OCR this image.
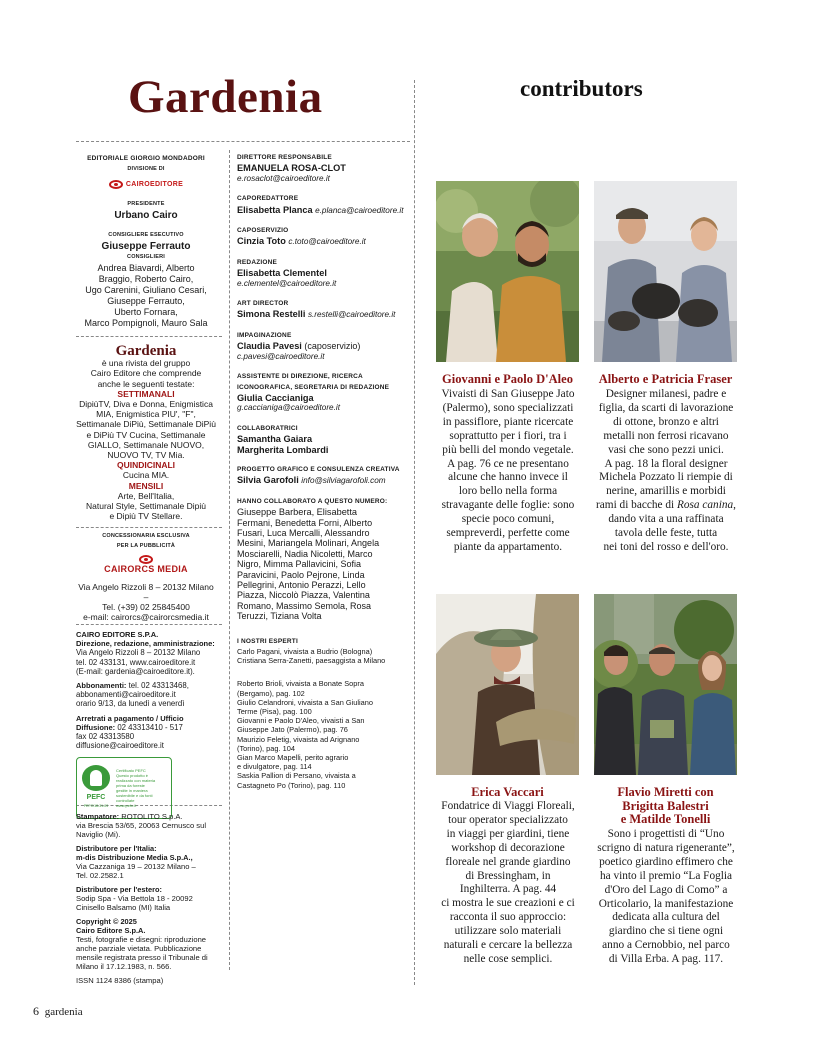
Gardenia	contributors
EDITORIALE GIORGIO MONDADORI
DIVISIONE DI
CAIROEDITORE
PRESIDENTE
Urbano Cairo
CONSIGLIERE ESECUTIVO
Giuseppe Ferrauto
CONSIGLIERI
Andrea Biavardi, Alberto
Braggio, Roberto Cairo,
Ugo Carenini, Giuliano Cesari,
Giuseppe Ferrauto,
Uberto Fornara,
Marco Pompignoli, Mauro Sala
Gardenia
è una rivista del gruppo
Cairo Editore che comprende
anche le seguenti testate:
SETTIMANALI
DipiùTV, Diva e Donna, Enigmistica
MIA, Enigmistica PIU', "F",
Settimanale DiPiù, Settimanale DiPiù
e DiPiù TV Cucina, Settimanale
GIALLO, Settimanale NUOVO,
NUOVO TV, TV Mia.
QUINDICINALI
Cucina MIA.
MENSILI
Arte, Bell'Italia,
Natural Style, Settimanale Dipiù
e Dipiù TV Stellare.
CONCESSIONARIA ESCLUSIVA
PER LA PUBBLICITÀ
CAIRORCS MEDIA
Via Angelo Rizzoli 8 – 20132 Milano –
Tel. (+39) 02 25845400
e-mail: cairorcs@cairorcsmedia.it
CAIRO EDITORE S.P.A.
Direzione, redazione, amministrazione:
Via Angelo Rizzoli 8 – 20132 Milano
tel. 02 433131, www.cairoeditore.it
(E-mail: gardenia@cairoeditore.it).
Abbonamenti: tel. 02 43313468,
abbonamenti@cairoeditore.it
orario 9/13, da lunedì a venerdì
Arretrati a pagamento / Ufficio Diffusione: 02 43313410 - 517
fax 02 43313580
diffusione@cairoeditore.it
PEFC
PEFC/18-31-03
Certificato PEFC
Questo prodotto è
realizzato con materia
prima da foreste
gestite in maniera
sostenibile e da fonti
controllate
www.pefc.it
Stampatore: ROTOLITO S.p.A.
via Brescia 53/65, 20063 Cernusco sul
Naviglio (Mi).
Distributore per l'Italia:
m-dis Distribuzione Media S.p.A.,
Via Cazzaniga 19 – 20132 Milano –
Tel. 02.2582.1
Distributore per l'estero:
Sodip Spa - Via Bettola 18 - 20092
Cinisello Balsamo (MI) Italia
Copyright © 2025
Cairo Editore S.p.A.
Testi, fotografie e disegni: riproduzione
anche parziale vietata. Pubblicazione
mensile registrata presso il Tribunale di
Milano il 17.12.1983, n. 566.
ISSN 1124 8386 (stampa)
DIRETTORE RESPONSABILE
EMANUELA ROSA-CLOT
e.rosaclot@cairoeditore.it
CAPOREDATTORE
Elisabetta Planca e.planca@cairoeditore.it
CAPOSERVIZIO
Cinzia Toto c.toto@cairoeditore.it
REDAZIONE
Elisabetta Clementel
e.clementel@cairoeditore.it
ART DIRECTOR
Simona Restelli s.restelli@cairoeditore.it
IMPAGINAZIONE
Claudia Pavesi (caposervizio)
c.pavesi@cairoeditore.it
ASSISTENTE DI DIREZIONE, RICERCA ICONOGRAFICA, SEGRETARIA DI REDAZIONE
Giulia Caccianiga
g.caccianiga@cairoeditore.it
COLLABORATRICI
Samantha Gaiara
Margherita Lombardi
PROGETTO GRAFICO E CONSULENZA CREATIVA
Silvia Garofoli info@silviagarofoli.com
HANNO COLLABORATO A QUESTO NUMERO:
Giuseppe Barbera, Elisabetta
Fermani, Benedetta Forni, Alberto
Fusari, Luca Mercalli, Alessandro
Mesini, Mariangela Molinari, Angela
Mosciarelli, Nadia Nicoletti, Marco
Nigro, Mimma Pallavicini, Sofia
Paravicini, Paolo Pejrone, Linda
Pellegrini, Antonio Perazzi, Lello
Piazza, Niccolò Piazza, Valentina
Romano, Massimo Semola, Rosa
Teruzzi, Tiziana Volta
I NOSTRI ESPERTI
Carlo Pagani, vivaista a Budrio (Bologna)
Cristiana Serra-Zanetti, paesaggista a Milano
Roberto Brioli, vivaista a Bonate Sopra
(Bergamo), pag. 102
Giulio Celandroni, vivaista a San Giuliano
Terme (Pisa), pag. 100
Giovanni e Paolo D'Aleo, vivaisti a San
Giuseppe Jato (Palermo), pag. 76
Maurizio Feletig, vivaista ad Arignano
(Torino), pag. 104
Gian Marco Mapelli, perito agrario
e divulgatore, pag. 114
Saskia Pallion di Persano, vivaista a
Castagneto Po (Torino), pag. 110
Giovanni e Paolo D'Aleo	Alberto e Patricia Fraser
Erica Vaccari	Flavio Miretti con
Brigitta Balestri
e Matilde Tonelli
Vivaisti di San Giuseppe Jato
(Palermo), sono specializzati
in passiflore, piante ricercate
soprattutto per i fiori, tra i
più belli del mondo vegetale.
A pag. 76 ce ne presentano
alcune che hanno invece il
loro bello nella forma
stravagante delle foglie: sono
specie poco comuni,
sempreverdi, perfette come
piante da appartamento.
Designer milanesi, padre e
figlia, da scarti di lavorazione
di ottone, bronzo e altri
metalli non ferrosi ricavano
vasi che sono pezzi unici.
A pag. 18 la floral designer
Michela Pozzato li riempie di
nerine, amarillis e morbidi
rami di bacche di Rosa canina,
dando vita a una raffinata
tavola delle feste, tutta
nei toni del rosso e dell'oro.
Fondatrice di Viaggi Floreali,
tour operator specializzato
in viaggi per giardini, tiene
workshop di decorazione
floreale nel grande giardino
di Bressingham, in
Inghilterra. A pag. 44
ci mostra le sue creazioni e ci
racconta il suo approccio:
utilizzare solo materiali
naturali e cercare la bellezza
nelle cose semplici.
Sono i progettisti di “Uno
scrigno di natura rigenerante”,
poetico giardino effimero che
ha vinto il premio “La Foglia
d'Oro del Lago di Como” a
Orticolario, la manifestazione
dedicata alla cultura del
giardino che si tiene ogni
anno a Cernobbio, nel parco
di Villa Erba. A pag. 117.
6 gardenia
